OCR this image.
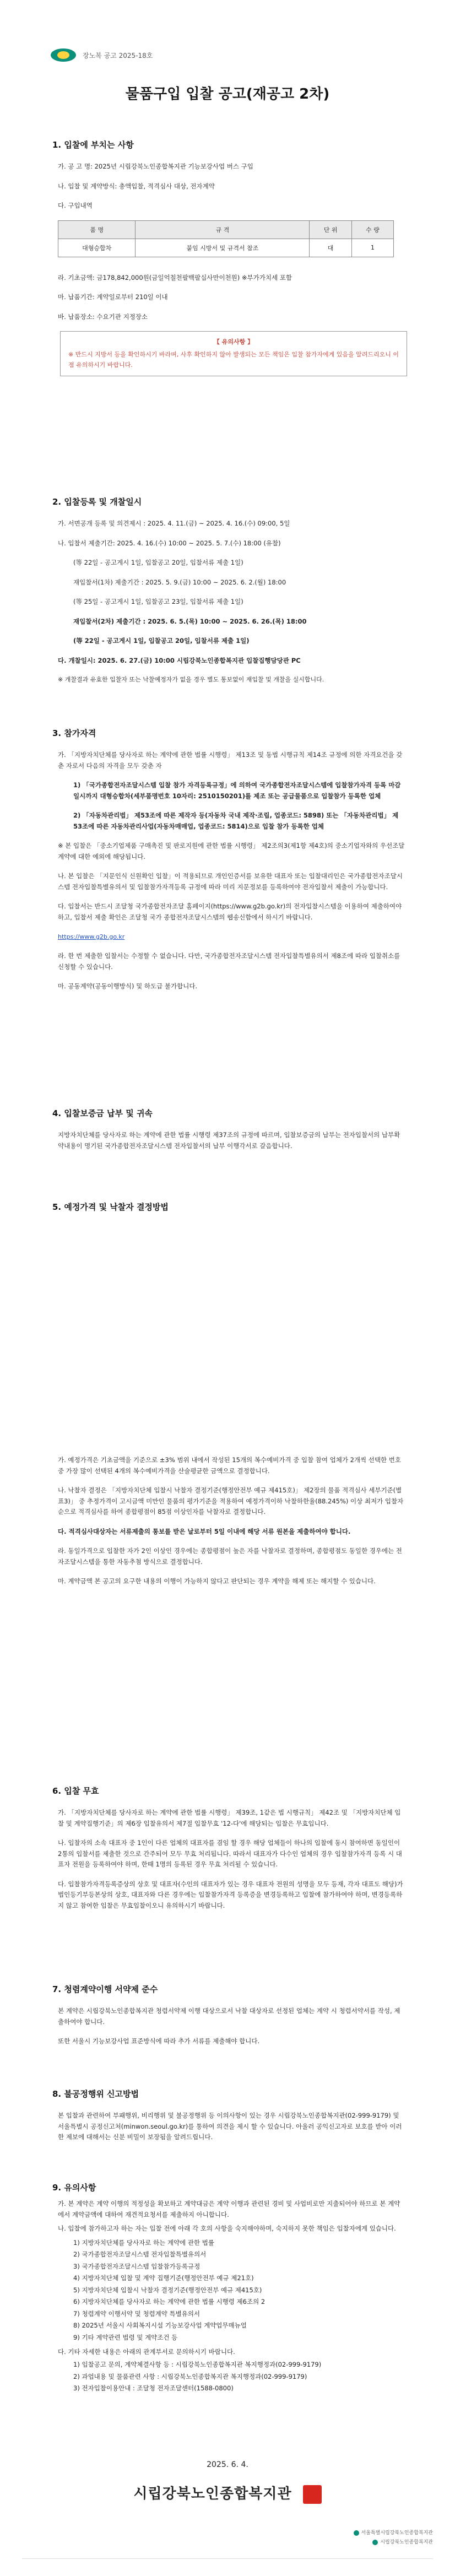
장노복 공고 2025-18호
물품구입 입찰 공고(재공고 2차)
1. 입찰에 부치는 사항
가. 공 고 명: 2025년 시립강북노인종합복지관 기능보강사업 버스 구입
나. 입찰 및 계약방식: 총액입찰, 적격심사 대상, 전자계약
다. 구입내역
품 명	규 격	단 위	수 량
대형승합차	붙임 시방서 및 규격서 참조	대	1
라. 기초금액: 금178,842,000원(금일억칠천팔백팔십사만이천원) ※부가가치세 포함
마. 납품기간: 계약일로부터 210일 이내
바. 납품장소: 수요기관 지정장소
【 유의사항 】
※ 반드시 지방서 등을 확인하시기 바라며, 사후 확인하지 않아 발생되는 모든 책임은 입찰 참가자에게 있음을 알려드리오니 이점 유의하시기 바랍니다.
2. 입찰등록 및 개찰일시
가. 서면공개 등록 및 의견제시 : 2025. 4. 11.(금) ~ 2025. 4. 16.(수) 09:00, 5일
나. 입찰서 제출기간: 2025. 4. 16.(수) 10:00 ~ 2025. 5. 7.(수) 18:00 (유찰)
(等 22일 - 공고게시 1일, 입찰공고 20일, 입찰서류 제출 1일)
재입찰서(1차) 제출기간 : 2025. 5. 9.(금) 10:00 ~ 2025. 6. 2.(월) 18:00
(等 25일 - 공고게시 1일, 입찰공고 23일, 입찰서류 제출 1일)
재입찰서(2차) 제출기간 : 2025. 6. 5.(목) 10:00 ~ 2025. 6. 26.(목) 18:00
(等 22일 - 공고게시 1일, 입찰공고 20일, 입찰서류 제출 1일)
다. 개찰일시: 2025. 6. 27.(금) 10:00 시립강북노인종합복지관 입찰집행담당관 PC
※ 개찰결과 유효한 입찰자 또는 낙찰예정자가 없을 경우 별도 통보없이 재입찰 및 개찰을 실시합니다.
3. 참가자격
가. 「지방자치단체를 당사자로 하는 계약에 관한 법률 시행령」 제13조 및 동법 시행규칙 제14조 규정에 의한 자격요건을 갖춘 자로서 다음의 자격을 모두 갖춘 자
1) 「국가종합전자조달시스템 입찰 참가 자격등록규정」에 의하여 국가종합전자조달시스템에 입찰참가자격 등록 마감일시까지 대형승합차(세부품명번호 10자리: 2510150201)를 제조 또는 공급물품으로 입찰참가 등록한 업체
2) 「자동차관리법」 제53조에 따른 제작자 등(자동차 국내 제작·조립, 업종코드: 5898) 또는 「자동차관리법」 제53조에 따른 자동차관리사업(자동차매매업, 업종코드: 5814)으로 입찰 참가 등록한 업체
※ 본 입찰은 「중소기업제품 구매촉진 및 판로지원에 관한 법률 시행령」 제2조의3(제1항 제4호)의 중소기업자와의 우선조달계약에 대한 예외에 해당됩니다.
나. 본 입찰은 「지문인식 신원확인 입찰」이 적용되므로 개인인증서를 보유한 대표자 또는 입찰대리인은 국가종합전자조달시스템 전자입찰특별유의서 및 입찰참가자격등록 규정에 따라 미리 지문정보를 등록하여야 전자입찰서 제출이 가능합니다.
다. 입찰서는 반드시 조달청 국가종합전자조달 홈페이지(https://www.g2b.go.kr)의 전자입찰시스템을 이용하여 제출하여야 하고, 입찰서 제출 확인은 조달청 국가 종합전자조달시스템의 웹송신함에서 하시기 바랍니다.
https://www.g2b.go.kr
라. 한 번 제출한 입찰서는 수정할 수 없습니다. 다만, 국가종합전자조달시스템 전자입찰특별유의서 제8조에 따라 입찰취소를 신청할 수 있습니다.
마. 공동계약(공동이행방식) 및 하도급 불가합니다.
4. 입찰보증금 납부 및 귀속
지방자치단체를 당사자로 하는 계약에 관한 법률 시행령 제37조의 규정에 따르며, 입찰보증금의 납부는 전자입찰서의 납부확약내용이 명기된 국가종합전자조달시스템 전자입찰서의 납부 이행각서로 갈음합니다.
5. 예정가격 및 낙찰자 결정방법
가. 예정가격은 기초금액을 기준으로 ±3% 범위 내에서 작성된 15개의 복수예비가격 중 입찰 참여 업체가 2개씩 선택한 번호 중 가장 많이 선택된 4개의 복수예비가격을 산술평균한 금액으로 결정합니다.
나. 낙찰자 결정은 「지방자치단체 입찰시 낙찰자 결정기준(행정안전부 예규 제415호)」 제2장의 물품 적격심사 세부기준(별표3)」 중 추정가격이 고시금액 미만인 물품의 평가기준을 적용하여 예정가격이하 낙찰하한율(88.245%) 이상 최저가 입찰자 순으로 적격심사를 하여 종합평점이 85점 이상인자를 낙찰자로 결정합니다.
다. 적격심사대상자는 서류제출의 통보를 받은 날로부터 5일 이내에 해당 서류 원본을 제출하여야 합니다.
라. 동일가격으로 입찰한 자가 2인 이상인 경우에는 종합평점이 높은 자를 낙찰자로 결정하며, 종합평점도 동일한 경우에는 전자조달시스템을 통한 자동추첨 방식으로 결정합니다.
마. 계약금액 본 공고의 요구한 내용의 이행이 가능하지 않다고 판단되는 경우 계약을 해제 또는 해지할 수 있습니다.
6. 입찰 무효
가. 「지방자치단체를 당사자로 하는 계약에 관한 법률 시행령」 제39조, 1같은 법 시행규칙」 제42조 및 「지방자치단체 입찰 및 계약집행기준」의 제6장 입찰유의서 제7절 입찰무효 '12-다'에 해당되는 입찰은 무효입니다.
나. 입찰자의 소속 대표자 중 1인이 다른 업체의 대표자를 겸임 할 경우 해당 업체들이 하나의 입찰에 동시 참여하면 동일인이 2통의 입찰서를 제출한 것으로 간주되어 모두 무효 처리됩니다. 따라서 대표자가 다수인 업체의 경우 입찰참가자격 등록 시 대표자 전원을 등록하여야 하며, 한때 1명의 등록된 경우 무효 처리될 수 있습니다.
다. 입찰참가자격등록증상의 상호 및 대표자(수인의 대표자가 있는 경우 대표자 전원의 성명을 모두 등재, 각자 대표도 해당)가 법인등기부등본상의 상호, 대표자와 다른 경우에는 입찰참가자격 등록증을 변경등록하고 입찰에 참가하여야 하며, 변경등록하지 않고 참여한 입찰은 무효입찰이오니 유의하시기 바랍니다.
7. 청렴계약이행 서약제 준수
본 계약은 시립강북노인종합복지관 청렴서약제 이행 대상으로서 낙찰 대상자로 선정된 업체는 계약 시 청렴서약서를 작성, 제출하여야 합니다.
또한 서울시 기능보강사업 표준방식에 따라 추가 서류를 제출해야 합니다.
8. 불공정행위 신고방법
본 입찰과 관련하여 부패행위, 비리행위 및 불공정행위 등 이의사항이 있는 경우 시립강북노인종합복지관(02-999-9179) 및 서울특별시 공정신고처(minwon.seoul.go.kr)를 통하여 의견을 제시 할 수 있습니다. 아울러 공익신고자로 보호를 받아 이러한 제보에 대해서는 신분 비밀이 보장됨을 알려드립니다.
9. 유의사항
가. 본 계약은 계약 이행의 적정성을 확보하고 계약대금은 계약 이행과 관련된 경비 및 사업비로만 지출되어야 하므로 본 계약에서 계약금액에 대하여 재견적요청서를 제출하지 아니합니다.
나. 입찰에 참가하고자 하는 자는 입찰 전에 아래 각 호의 사항을 숙지해야하며, 숙지하지 못한 책임은 입찰자에게 있습니다.
1) 지방자치단체를 당사자로 하는 계약에 관한 법률
2) 국가종합전자조달시스템 전자입찰특별유의서
3) 국가종합전자조달시스템 입찰참가등록규정
4) 지방자치단체 입찰 및 계약 집행기준(행정안전부 예규 제21호)
5) 지방자치단체 입찰시 낙찰자 결정기준(행정안전부 예규 제415호)
6) 지방자치단체를 당사자로 하는 계약에 관한 법률 시행령 제6조의 2
7) 청렴계약 이행서약 및 청렴계약 특별유의서
8) 2025년 서울시 사회복지시설 기능보강사업 계약업무매뉴얼
9) 기타 계약관련 법령 및 계약조건 등
다. 기타 자세한 내용은 아래의 관계부서로 문의하시기 바랍니다.
1) 입찰공고 문의, 계약체결사항 등 : 시립강북노인종합복지관 복지행정과(02-999-9179)
2) 과업내용 및 물품관련 사항 : 시립강북노인종합복지관 복지행정과(02-999-9179)
3) 전자입찰이용안내 : 조달청 전자조달센터(1588-0800)
2025. 6. 4.
시립강북노인종합복지관
서울특별시립강북노인종합복지관
시립강북노인종합복지관
